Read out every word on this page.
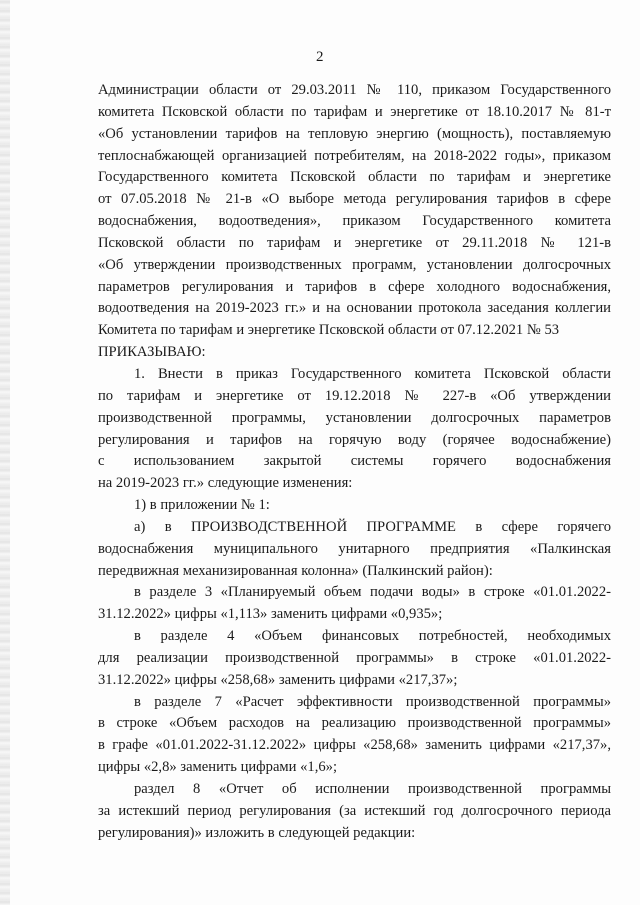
2
Администрации области от 29.03.2011 № 110, приказом Государственного
комитета Псковской области по тарифам и энергетике от 18.10.2017 № 81-т
«Об установлении тарифов на тепловую энергию (мощность), поставляемую
теплоснабжающей организацией потребителям, на 2018-2022 годы», приказом
Государственного комитета Псковской области по тарифам и энергетике
от 07.05.2018 № 21-в «О выборе метода регулирования тарифов в сфере
водоснабжения, водоотведения», приказом Государственного комитета
Псковской области по тарифам и энергетике от 29.11.2018 № 121-в
«Об утверждении производственных программ, установлении долгосрочных
параметров регулирования и тарифов в сфере холодного водоснабжения,
водоотведения на 2019-2023 гг.» и на основании протокола заседания коллегии
Комитета по тарифам и энергетике Псковской области от 07.12.2021 № 53
ПРИКАЗЫВАЮ:
1. Внести в приказ Государственного комитета Псковской области
по тарифам и энергетике от 19.12.2018 № 227-в «Об утверждении
производственной программы, установлении долгосрочных параметров
регулирования и тарифов на горячую воду (горячее водоснабжение)
с использованием закрытой системы горячего водоснабжения
на 2019-2023 гг.» следующие изменения:
1) в приложении № 1:
а) в ПРОИЗВОДСТВЕННОЙ ПРОГРАММЕ в сфере горячего
водоснабжения муниципального унитарного предприятия «Палкинская
передвижная механизированная колонна» (Палкинский район):
в разделе 3 «Планируемый объем подачи воды» в строке «01.01.2022-
31.12.2022» цифры «1,113» заменить цифрами «0,935»;
в разделе 4 «Объем финансовых потребностей, необходимых
для реализации производственной программы» в строке «01.01.2022-
31.12.2022» цифры «258,68» заменить цифрами «217,37»;
в разделе 7 «Расчет эффективности производственной программы»
в строке «Объем расходов на реализацию производственной программы»
в графе «01.01.2022-31.12.2022» цифры «258,68» заменить цифрами «217,37»,
цифры «2,8» заменить цифрами «1,6»;
раздел 8 «Отчет об исполнении производственной программы
за истекший период регулирования (за истекший год долгосрочного периода
регулирования)» изложить в следующей редакции:
